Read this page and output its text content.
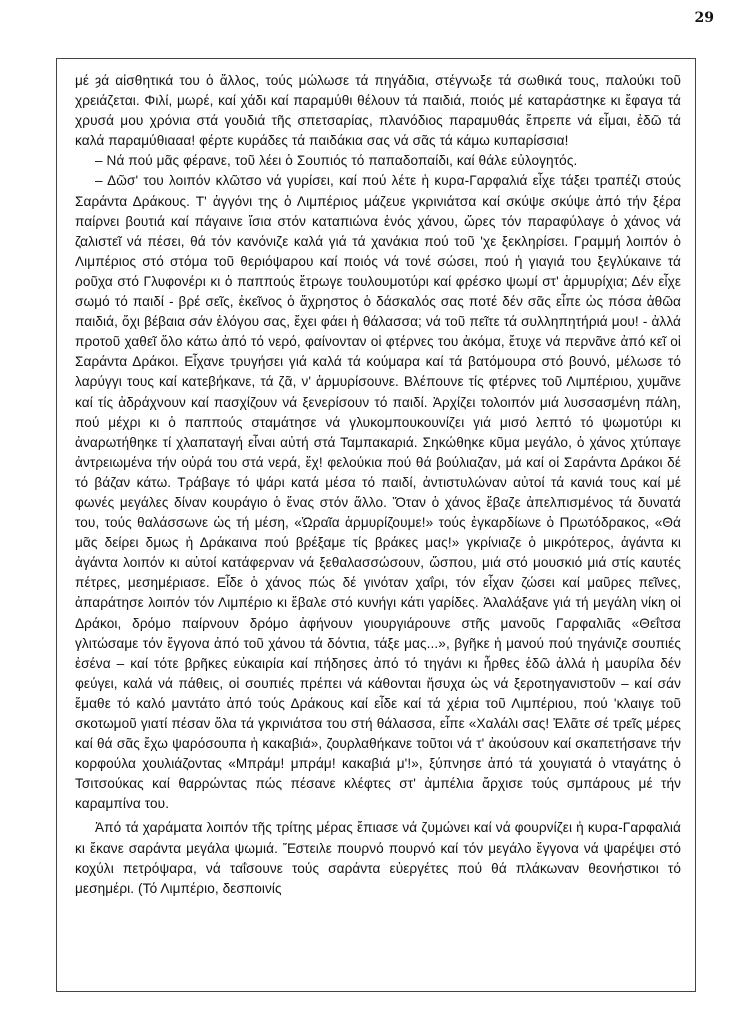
29

μέ ȝά αἰσθητικά του ὁ ἄλλος, τούς μώλωσε τά πηγάδια, στέγνωξε τά σωθικά τους, παλούκι τοῦ χρειάζεται. Φιλί, μωρέ, καί χάδι καί παραμύθι θέλουν τά παιδιά, ποιός μέ καταράστηκε κι ἔφαγα τά χρυσά μου χρόνια στά γουδιά τῆς σπετσαρίας, πλανόδιος παραμυθάς ἔπρεπε νά εἶμαι, ἐδῶ τά καλά παραμύθιααα! φέρτε κυράδες τά παιδάκια σας νά σᾶς τά κάμω κυπαρίσσια!

– Νά πού μᾶς φέρανε, τοῦ λέει ὁ Σουπιός τό παπαδοπαίδι, καί θάλε εὐλογητός.

– Δῶσ' του λοιπόν κλῶτσο νά γυρίσει, καί πού λέτε ἡ κυρα-Γαρφαλιά εἶχε τάξει τραπέζι στούς Σαράντα Δράκους. Τ' ἀγγόνι της ὁ Λιμπέριος μάζευε γκρινιάτσα καί σκύψε σκύψε ἀπό τήν ξέρα παίρνει βουτιά καί πάγαινε ἴσια στόν καταπιώνα ἑνός χάνου, ὥρες τόν παραφύλαγε ὁ χάνος νά ζαλιστεῖ νά πέσει, θά τόν κανόνιζε καλά γιά τά χανάκια πού τοῦ 'χε ξεκληρίσει. Γραμμή λοιπόν ὁ Λιμπέριος στό στόμα τοῦ θεριόψαρου καί ποιός νά τονέ σώσει, πού ἡ γιαγιά του ξεγλύκαινε τά ροῦχα στό Γλυφονέρι κι ὁ παππούς ἔτρωγε τουλουμοτύρι καί φρέσκο ψωμί στ' ἁρμυρίχια; Δέν εἶχε σωμό τό παιδί - βρέ σεῖς, ἐκεῖνος ὁ ἄχρηστος ὁ δάσκαλός σας ποτέ δέν σᾶς εἶπε ὡς πόσα ἀθῶα παιδιά, ὄχι βέβαια σάν ἐλόγου σας, ἔχει φάει ἡ θάλασσα; νά τοῦ πεῖτε τά συλληπητήριά μου! - ἀλλά προτοῦ χαθεῖ ὅλο κάτω ἀπό τό νερό, φαίνονταν οἱ φτέρνες του ἀκόμα, ἔτυχε νά περνᾶνε ἀπό κεῖ οἱ Σαράντα Δράκοι. Εἶχανε τρυγήσει γιά καλά τά κούμαρα καί τά βατόμουρα στό βουνό, μέλωσε τό λαρύγγι τους καί κατεβήκανε, τά ζᾶ, ν' ἁρμυρίσουνε. Βλέπουνε τίς φτέρνες τοῦ Λιμπέριου, χυμᾶνε καί τίς ἀδράχνουν καί πασχίζουν νά ξενερίσουν τό παιδί. Ἀρχίζει τολοιπόν μιά λυσσασμένη πάλη, πού μέχρι κι ὁ παππούς σταμάτησε νά γλυκομπουκουνίζει γιά μισό λεπτό τό ψωμοτύρι κι ἀναρωτήθηκε τί χλαπαταγή εἶναι αὐτή στά Ταμπακαριά. Σηκώθηκε κῦμα μεγάλο, ὁ χάνος χτύπαγε ἀντρειωμένα τήν οὐρά του στά νερά, ἔχ! φελούκια πού θά βούλιαζαν, μά καί οἱ Σαράντα Δράκοι δέ τό βάζαν κάτω. Τράβαγε τό ψάρι κατά μέσα τό παιδί, ἀντιστυλώναν αὐτοί τά κανιά τους καί μέ φωνές μεγάλες δίναν κουράγιο ὁ ἕνας στόν ἄλλο. Ὅταν ὁ χάνος ἔβαζε ἀπελπισμένος τά δυνατά του, τούς θαλάσσωνε ὡς τή μέση, «Ὡραῖα ἁρμυρίζουμε!» τούς ἐγκαρδίωνε ὁ Πρωτόδρακος, «Θά μᾶς δείρει δμως ἡ Δράκαινα πού βρέξαμε τίς βράκες μας!» γκρίνιαζε ὁ μικρότερος, ἀγάντα κι ἀγάντα λοιπόν κι αὐτοί κατάφερναν νά ξεθαλασσώσουν, ὥσπου, μιά στό μουσκιό μιά στίς καυτές πέτρες, μεσημέριασε. Εἶδε ὁ χάνος πώς δέ γινόταν χαΐρι, τόν εἶχαν ζώσει καί μαῦρες πεῖνες, ἀπαράτησε λοιπόν τόν Λιμπέριο κι ἔβαλε στό κυνήγι κάτι γαρίδες. Ἀλαλάξανε γιά τή μεγάλη νίκη οἱ Δράκοι, δρόμο παίρνουν δρόμο ἀφήνουν γιουργιάρουνε στῆς μανοῦς Γαρφαλιᾶς «Θεΐτσα γλιτώσαμε τόν ἔγγονα ἀπό τοῦ χάνου τά δόντια, τάξε μας...», βγῆκε ἡ μανού πού τηγάνιζε σουπιές ἐσένα – καί τότε βρῆκες εὐκαιρία καί πήδησες ἀπό τό τηγάνι κι ἦρθες ἐδῶ ἀλλά ἡ μαυρίλα δέν φεύγει, καλά νά πάθεις, οἱ σουπιές πρέπει νά κάθονται ἥσυχα ὡς νά ξεροτηγανιστοῦν – καί σάν ἔμαθε τό καλό μαντάτο ἀπό τούς Δράκους καί εἶδε καί τά χέρια τοῦ Λιμπέριου, πού 'κλαιγε τοῦ σκοτωμοῦ γιατί πέσαν ὅλα τά γκρινιάτσα του στή θάλασσα, εἶπε «Χαλάλι σας! Ἐλᾶτε σέ τρεῖς μέρες καί θά σᾶς ἔχω ψαρόσουπα ἡ κακαβιά», ζουρλαθήκανε τοῦτοι νά τ' ἀκούσουν καί σκαπετήσανε τήν κορφούλα χουλιάζοντας «Μπράμ! μπράμ! κακαβιά μ'!», ξύπνησε ἀπό τά χουγιατά ὁ νταγάτης ὁ Τσιτσούκας καί θαρρώντας πώς πέσανε κλέφτες στ' ἀμπέλια ἄρχισε τούς σμπάρους μέ τήν καραμπίνα του.

Ἀπό τά χαράματα λοιπόν τῆς τρίτης μέρας ἔπιασε νά ζυμώνει καί νά φουρνίζει ἡ κυρα-Γαρφαλιά κι ἔκανε σαράντα μεγάλα ψωμιά. Ἔστειλε πουρνό πουρνό καί τόν μεγάλο ἔγγονα νά ψαρέψει στό κοχύλι πετρόψαρα, νά ταΐσουνε τούς σαράντα εὐεργέτες πού θά πλάκωναν θεονήστικοι τό μεσημέρι. (Τό Λιμπέριο, δεσποινίς
